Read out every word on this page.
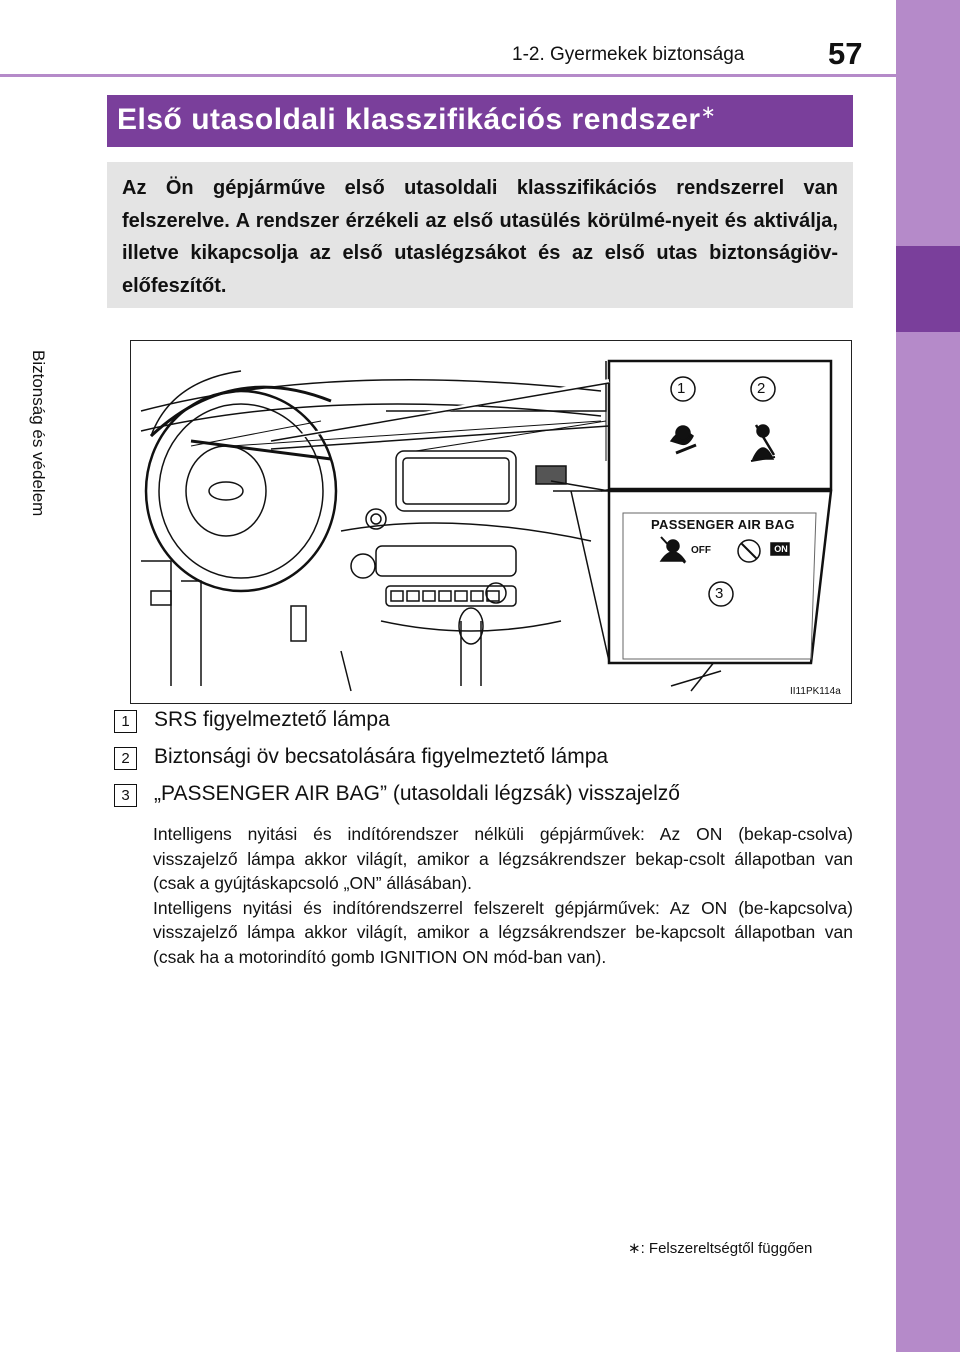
1-2. Gyermekek biztonsága	57
1
Biztonság és védelem
Első utasoldali klasszifikációs rendszer∗
Az Ön gépjárműve első utasoldali klasszifikációs rendszerrel van felszerelve. A rendszer érzékeli az első utasülés körülmé-nyeit és aktiválja, illetve kikapcsolja az első utaslégzsákot és az első utas biztonságiöv-előfeszítőt.
1	2
3
PASSENGER AIR BAG
OFF	ON
II11PK114a
1	SRS figyelmeztető lámpa
2	Biztonsági öv becsatolására figyelmeztető lámpa
3	„PASSENGER AIR BAG” (utasoldali légzsák) visszajelző

Intelligens nyitási és indítórendszer nélküli gépjárművek: Az ON (bekap-csolva) visszajelző lámpa akkor világít, amikor a légzsákrendszer bekap-csolt állapotban van (csak a gyújtáskapcsoló „ON” állásában).

Intelligens nyitási és indítórendszerrel felszerelt gépjárművek: Az ON (be-kapcsolva) visszajelző lámpa akkor világít, amikor a légzsákrendszer be-kapcsolt állapotban van (csak ha a motorindító gomb IGNITION ON mód-ban van).

∗: Felszereltségtől függően
